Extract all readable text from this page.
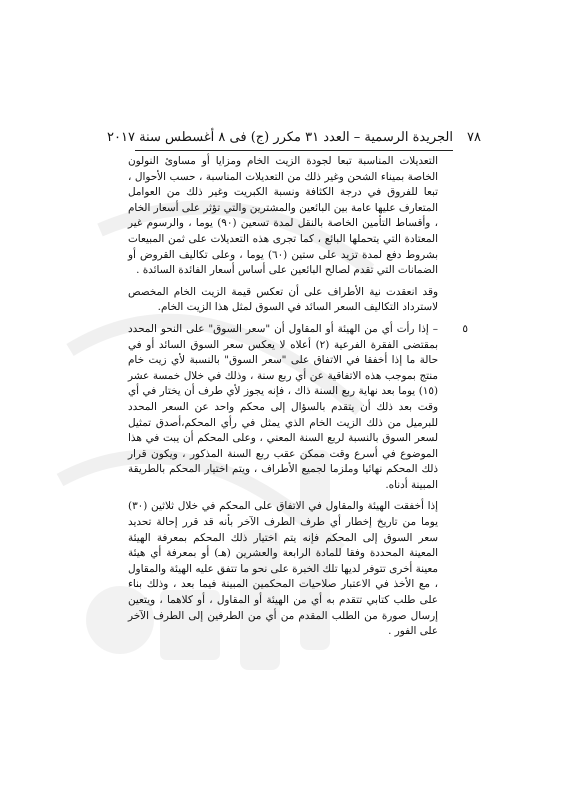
الجريدة الرسمية – العدد ٣١ مكرر (ج) فى ٨ أغسطس سنة ٢٠١٧ ٧٨

التعديلات المناسبة تبعا لجودة الزيت الخام ومزايا أو مساوئ النولون الخاصة بميناء الشحن وغير ذلك من التعديلات المناسبة ، حسب الأحوال ، تبعا للفروق في درجة الكثافة ونسبة الكبريت وغير ذلك من العوامل المتعارف عليها عامة بين البائعين والمشترين والتي تؤثر على أسعار الخام ، وأقساط التأمين الخاصة بالنقل لمدة تسعين (٩٠) يوما ، والرسوم غير المعتادة التي يتحملها البائع ، كما تجرى هذه التعديلات على ثمن المبيعات بشروط دفع لمدة تزيد على ستين (٦٠) يوما ، وعلى تكاليف القروض أو الضمانات التي تقدم لصالح البائعين على أساس أسعار الفائدة السائدة .

وقد انعقدت نية الأطراف على أن تعكس قيمة الزيت الخام المخصص لاسترداد التكاليف السعر السائد في السوق لمثل هذا الزيت الخام.

٥

– إذا رأت أي من الهيئة أو المقاول أن "سعر السوق" على النحو المحدد بمقتضى الفقرة الفرعية (٢) أعلاه لا يعكس سعر السوق السائد أو في حالة ما إذا أخفقا في الاتفاق على "سعر السوق" بالنسبة لأي زيت خام منتج بموجب هذه الاتفاقية عن أي ربع سنة ، وذلك في خلال خمسة عشر (١٥) يوما بعد نهاية ربع السنة ذاك ، فإنه يجوز لأي طرف أن يختار في أي وقت بعد ذلك أن يتقدم بالسؤال إلى محكم واحد عن السعر المحدد للبرميل من ذلك الزيت الخام الذي يمثل في رأي المحكم،أصدق تمثيل لسعر السوق بالنسبة لربع السنة المعني ، وعلى المحكم أن يبت في هذا الموضوع في أسرع وقت ممكن عقب ربع السنة المذكور ، ويكون قرار ذلك المحكم نهائيا وملزما لجميع الأطراف ، ويتم اختيار المحكم بالطريقة المبينة أدناه.

إذا أخفقت الهيئة والمقاول في الاتفاق على المحكم في خلال ثلاثين (٣٠) يوما من تاريخ إخطار أي طرف الطرف الآخر بأنه قد قرر إحالة تحديد سعر السوق إلى المحكم فإنه يتم اختيار ذلك المحكم بمعرفة الهيئة المعينة المحددة وفقا للمادة الرابعة والعشرين (هـ) أو بمعرفة أي هيئة معينة أخرى تتوفر لديها تلك الخبرة على نحو ما تتفق عليه الهيئة والمقاول ، مع الأخذ في الاعتبار صلاحيات المحكمين المبينة فيما بعد ، وذلك بناء على طلب كتابي تتقدم به أي من الهيئة أو المقاول ، أو كلاهما ، ويتعين إرسال صورة من الطلب المقدم من أي من الطرفين إلى الطرف الآخر على الفور .
